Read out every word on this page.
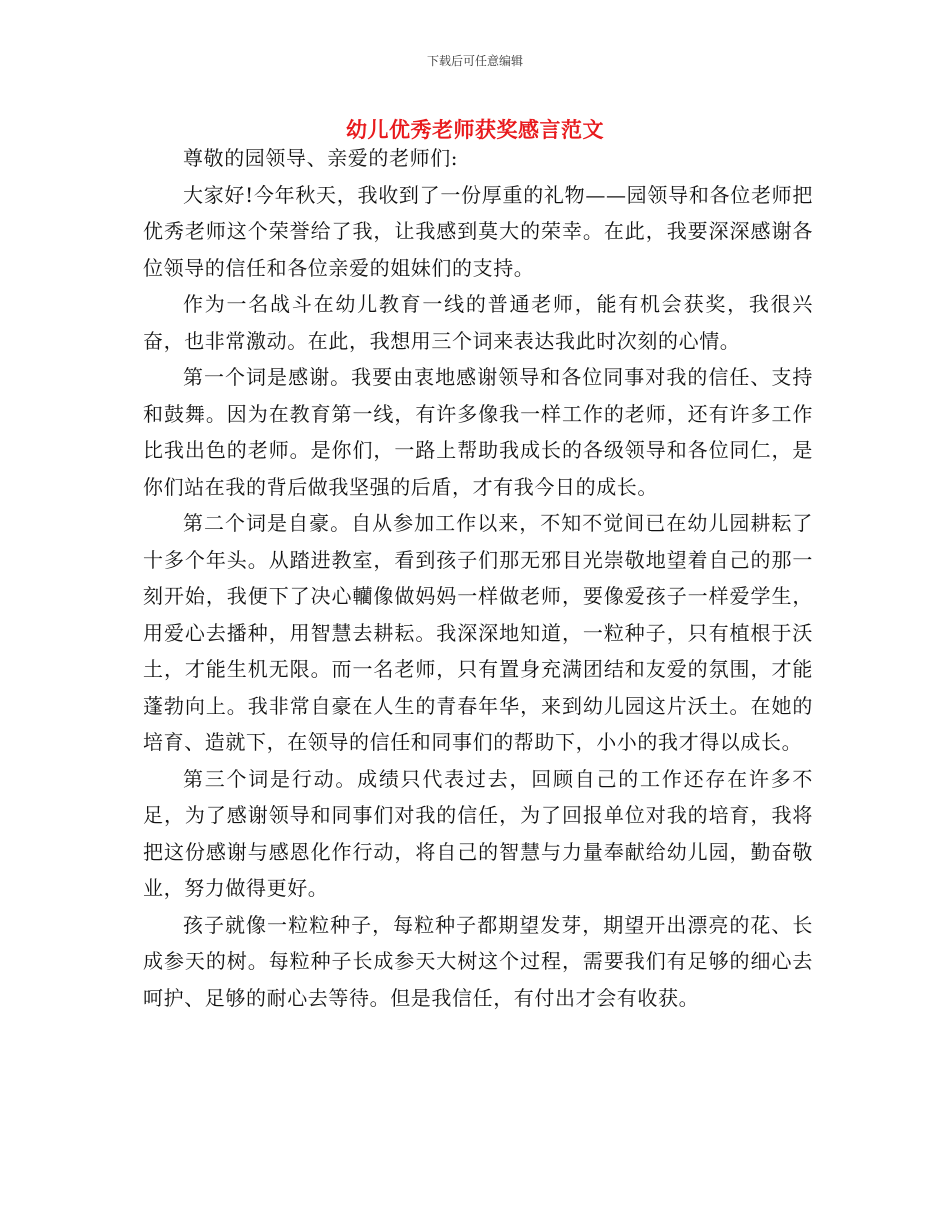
下载后可任意编辑
幼儿优秀老师获奖感言范文

尊敬的园领导、亲爱的老师们:

大家好!今年秋天，我收到了一份厚重的礼物——园领导和各位老师把优秀老师这个荣誉给了我，让我感到莫大的荣幸。在此，我要深深感谢各位领导的信任和各位亲爱的姐妹们的支持。

作为一名战斗在幼儿教育一线的普通老师，能有机会获奖，我很兴奋，也非常激动。在此，我想用三个词来表达我此时次刻的心情。

第一个词是感谢。我要由衷地感谢领导和各位同事对我的信任、支持和鼓舞。因为在教育第一线，有许多像我一样工作的老师，还有许多工作比我出色的老师。是你们，一路上帮助我成长的各级领导和各位同仁，是你们站在我的背后做我坚强的后盾，才有我今日的成长。

第二个词是自豪。自从参加工作以来，不知不觉间已在幼儿园耕耘了十多个年头。从踏进教室，看到孩子们那无邪目光崇敬地望着自己的那一刻开始，我便下了决心轥像做妈妈一样做老师，要像爱孩子一样爱学生，用爱心去播种，用智慧去耕耘。我深深地知道，一粒种子，只有植根于沃土，才能生机无限。而一名老师，只有置身充满团结和友爱的氛围，才能蓬勃向上。我非常自豪在人生的青春年华，来到幼儿园这片沃土。在她的培育、造就下，在领导的信任和同事们的帮助下，小小的我才得以成长。

第三个词是行动。成绩只代表过去，回顾自己的工作还存在许多不足，为了感谢领导和同事们对我的信任，为了回报单位对我的培育，我将把这份感谢与感恩化作行动，将自己的智慧与力量奉献给幼儿园，勤奋敬业，努力做得更好。

孩子就像一粒粒种子，每粒种子都期望发芽，期望开出漂亮的花、长成参天的树。每粒种子长成参天大树这个过程，需要我们有足够的细心去呵护、足够的耐心去等待。但是我信任，有付出才会有收获。
